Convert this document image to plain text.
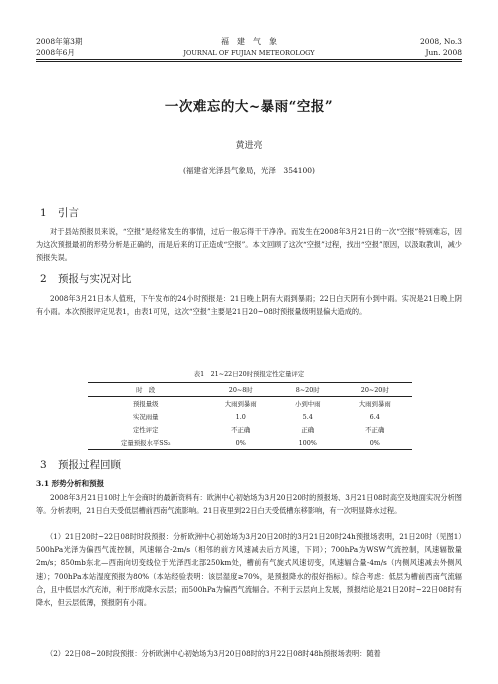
2008年第3期
2008年6月
福　建　气　象
JOURNAL OF FUJIAN METEOROLOGY
2008, No.3
Jun. 2008
一次难忘的大~暴雨“空报”
黄进亮
(福建省光泽县气象局，光泽　354100)
1 引言
对于县站预报员来说，“空报”是经常发生的事情，过后一般忘得干干净净。而发生在2008年3月21日的一次“空报”特别难忘，因为这次预报最初的形势分析是正确的，而是后来的订正造成“空报”。本文回顾了这次“空报”过程，找出“空报”原因，以汲取教训，减少预报失误。
2 预报与实况对比
2008年3月21日本人值班，下午发布的24小时预报是：21日晚上阴有大雨到暴雨；22日白天阴有小到中雨。实况是21日晚上阴有小雨。本次预报评定见表1，由表1可见，这次“空报”主要是21日20~08时预报量级明显偏大造成的。
表1　21~22日20时预报定性定量评定
时　段	20~8时	8~20时	20~20时
预报量级	大雨到暴雨	小到中雨	大雨到暴雨
实况雨量	1.0	5.4	6.4
定性评定	不正确	正确	不正确
定量预报水平SS₂	0%	100%	0%
3 预报过程回顾
3.1 形势分析和预报
2008年3月21日10时上午会商时的最新资料有：欧洲中心初始场为3月20日20时的预报场、3月21日08时高空及地面实况分析图等。分析表明，21日白天受低层槽前西南气流影响。21日夜里到22日白天受低槽东移影响，有一次明显降水过程。
（1）21日20时~22日08时时段预报：分析欧洲中心初始场为3月20日20时的3月21日20时24h预报场表明，21日20时（见图1）500hPa光泽为偏西气流控制，风速辐合-2m/s（相邻的前方风速减去后方风速，下同）；700hPa为WSW气流控制，风速辐散量2m/s；850mb东北—西南向切变线位于光泽西北部250km处，槽前有气旋式风速切变，风速辐合量-4m/s（内侧风速减去外侧风速）；700hPa本站湿度预报为80%（本站经验表明：该层湿度≥70%，是预报降水的很好指标）。综合考虑：低层为槽前西南气流辐合，且中低层水汽充沛，利于形成降水云层；而500hPa为偏西气流辐合。不利于云层向上发展，预报结论是21日20时~22日08时有降水，但云层低薄，预报阴有小雨。
（2）22日08~20时段预报：分析欧洲中心初始场为3月20日08时的3月22日08时48h预报场表明：随着
